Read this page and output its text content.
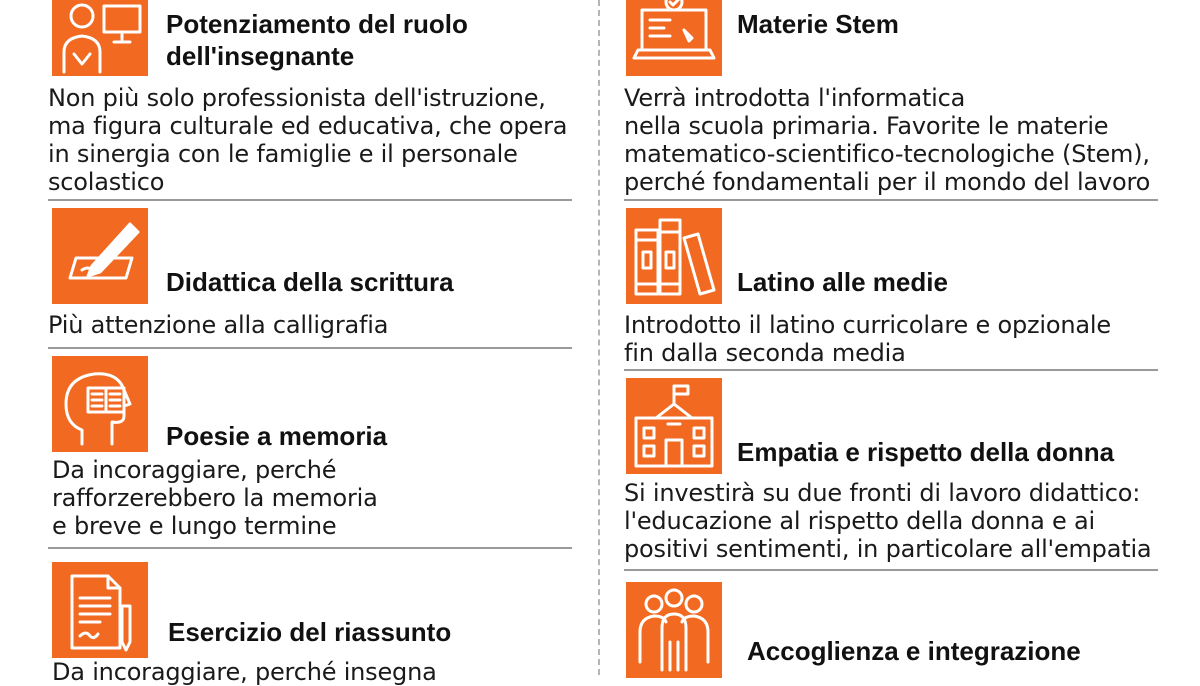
Potenziamento del ruolo
dell'insegnante
Non più solo professionista dell'istruzione,
ma figura culturale ed educativa, che opera
in sinergia con le famiglie e il personale
scolastico
Didattica della scrittura
Più attenzione alla calligrafia
Poesie a memoria
Da incoraggiare, perché
rafforzerebbero la memoria
e breve e lungo termine
Esercizio del riassunto
Da incoraggiare, perché insegna
Materie Stem
Verrà introdotta l'informatica
nella scuola primaria. Favorite le materie
matematico-scientifico-tecnologiche (Stem),
perché fondamentali per il mondo del lavoro
Latino alle medie
Introdotto il latino curricolare e opzionale
fin dalla seconda media
Empatia e rispetto della donna
Si investirà su due fronti di lavoro didattico:
l'educazione al rispetto della donna e ai
positivi sentimenti, in particolare all'empatia
Accoglienza e integrazione
